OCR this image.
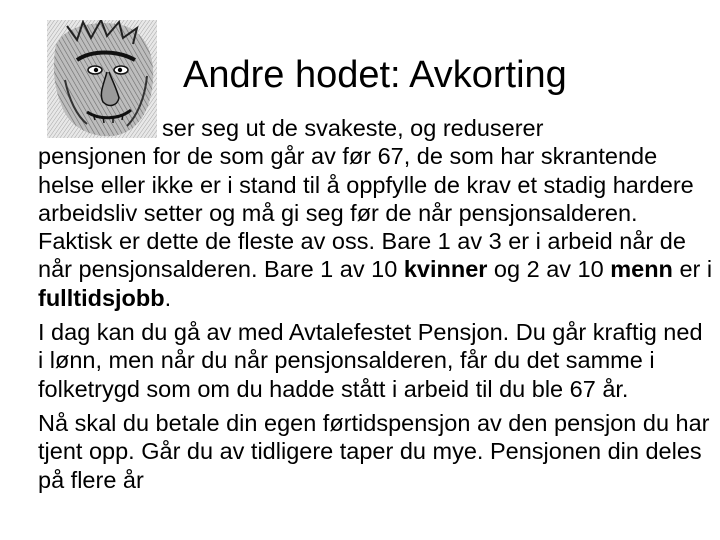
Andre hodet: Avkorting

ser seg ut de svakeste, og reduserer
pensjonen for de som går av før 67, de som har skrantende helse eller ikke er i stand til å oppfylle de krav et stadig hardere arbeidsliv setter og må gi seg før de når pensjonsalderen. Faktisk er dette de fleste av oss. Bare 1 av 3 er i arbeid når de når pensjonsalderen. Bare 1 av 10 kvinner og 2 av 10 menn er i fulltidsjobb.

I dag kan du gå av med Avtalefestet Pensjon. Du går kraftig ned i lønn, men når du når pensjonsalderen, får du det samme i folketrygd som om du hadde stått i arbeid til du ble 67 år.

Nå skal du betale din egen førtidspensjon av den pensjon du har tjent opp. Går du av tidligere taper du mye. Pensjonen din deles på flere år
